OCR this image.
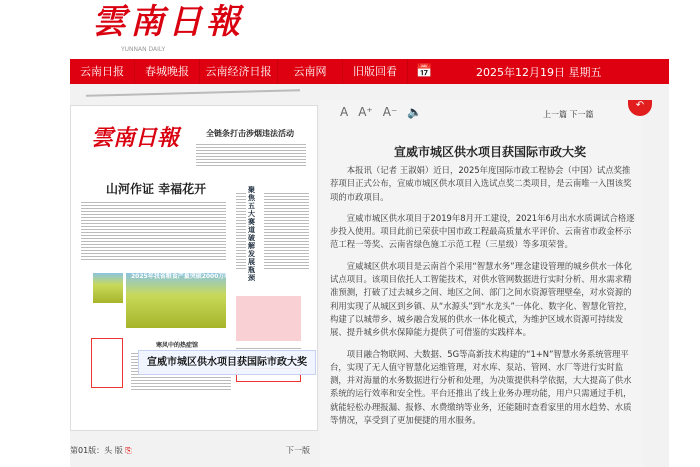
雲南日報
YUNNAN DAILY
云南日报	春城晚报	云南经济日报	云南网	旧版回看	📅	2025年12月19日 星期五
雲南日報	全链条打击涉烟违法活动
山河作证 幸福花开	聚焦五大赛道 破解发展瓶颈
2025年我省粮食产量突破2000万吨
寒风中的热症馆
第01版：头 版 ⎘	下一版
A A⁺ A⁻ 🔈	上一篇 下一篇
↶
宣威市城区供水项目获国际市政大奖

本报讯（记者 王淑娟）近日，2025年度国际市政工程协会（中国）试点奖推荐项目正式公布，宣威市城区供水项目入选试点奖二类项目，是云南唯一入围该奖项的市政项目。

宣威市城区供水项目于2019年8月开工建设，2021年6月出水水质调试合格逐步投入使用。项目此前已荣获中国市政工程最高质量水平评价、云南省市政金杯示范工程一等奖、云南省绿色施工示范工程（三星级）等多项荣誉。

宣威城区供水项目是云南首个采用“智慧水务”理念建设管理的城乡供水一体化试点项目。该项目依托人工智能技术，对供水管网数据进行实时分析、用水需求精准预测，打破了过去城乡之间、地区之间、部门之间水资源管理壁垒，对水资源的利用实现了从城区到乡镇、从“水源头”到“水龙头”一体化、数字化、智慧化管控，构建了以城带乡、城乡融合发展的供水一体化模式，为维护区域水资源可持续发展、提升城乡供水保障能力提供了可借鉴的实践样本。

项目融合物联网、大数据、5G等高新技术构建的“1+N”智慧水务系统管理平台，实现了无人值守智慧化运维管理，对水库、泵站、管网、水厂等进行实时监测，并对海量的水务数据进行分析和处理，为决策提供科学依据，大大提高了供水系统的运行效率和安全性。平台还推出了线上业务办理功能，用户只需通过手机，就能轻松办理报漏、报修、水费缴纳等业务，还能随时查看家里的用水趋势、水质等情况，享受到了更加便捷的用水服务。

宣威市城区供水项目获国际市政大奖
